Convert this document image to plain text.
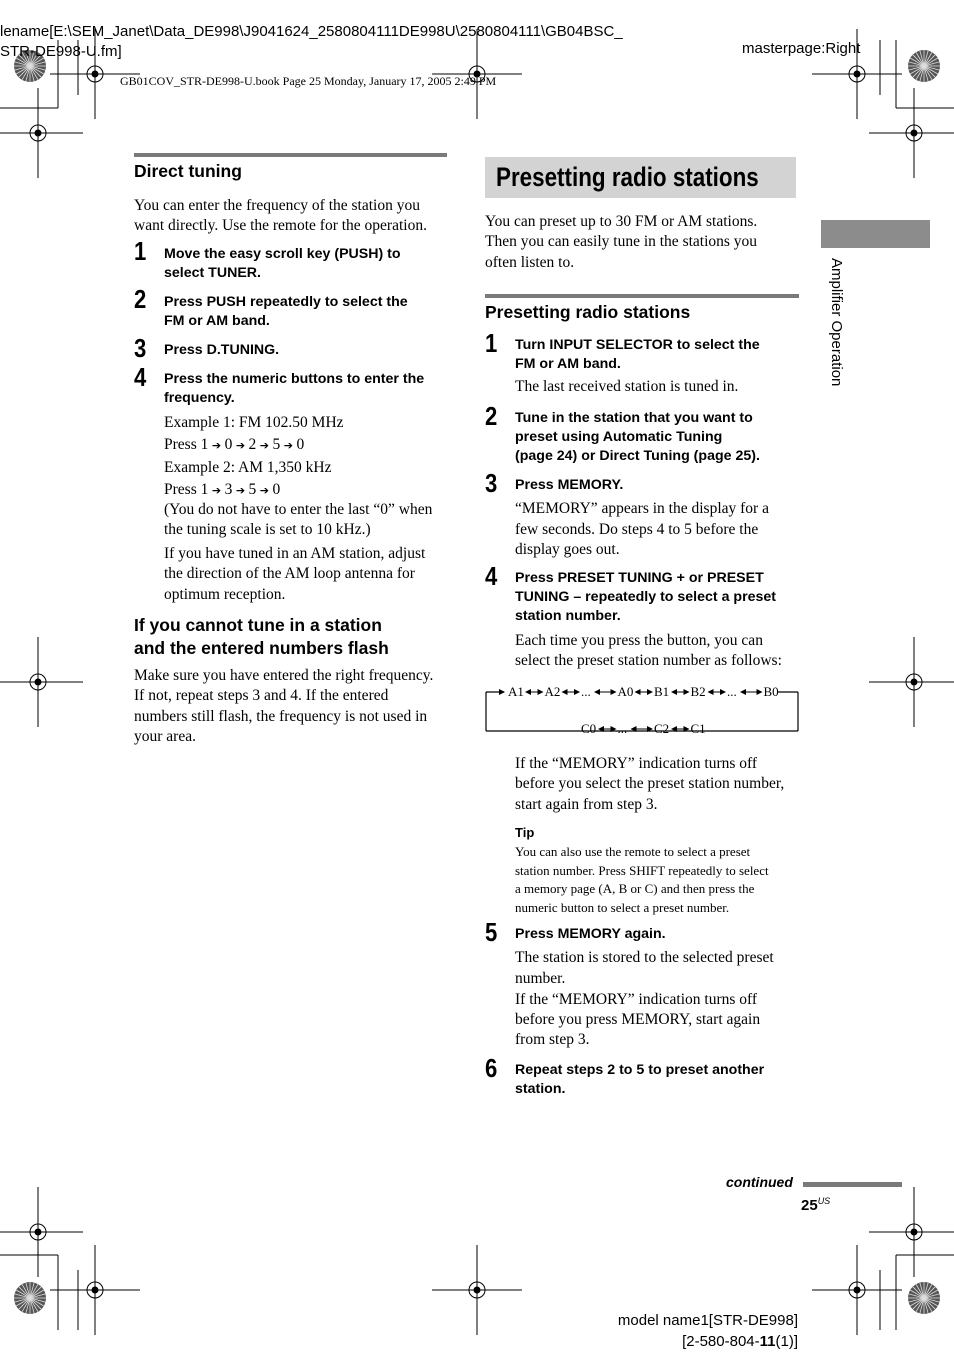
lename[E:\SEM_Janet\Data_DE998\J9041624_2580804111DE998U\2580804111\GB04BSC_
STR-DE998-U.fm]	masterpage:Right
GB01COV_STR-DE998-U.book Page 25 Monday, January 17, 2005 2:49 PM
Amplifier Operation
Direct tuning
You can enter the frequency of the station you
want directly. Use the remote for the operation.
1 Move the easy scroll key (PUSH) to
select TUNER.
2 Press PUSH repeatedly to select the
FM or AM band.
3 Press D.TUNING.
4 Press the numeric buttons to enter the
frequency.
Example 1: FM 102.50 MHz
Press 1 ➔ 0 ➔ 2 ➔ 5 ➔ 0
Example 2: AM 1,350 kHz
Press 1 ➔ 3 ➔ 5 ➔ 0
(You do not have to enter the last “0” when
the tuning scale is set to 10 kHz.)
If you have tuned in an AM station, adjust
the direction of the AM loop antenna for
optimum reception.
If you cannot tune in a station
and the entered numbers flash
Make sure you have entered the right frequency.
If not, repeat steps 3 and 4. If the entered
numbers still flash, the frequency is not used in
your area.
Presetting radio stations
You can preset up to 30 FM or AM stations.
Then you can easily tune in the stations you
often listen to.
Presetting radio stations
1 Turn INPUT SELECTOR to select the
FM or AM band.
The last received station is tuned in.
2 Tune in the station that you want to
preset using Automatic Tuning
(page 24) or Direct Tuning (page 25).
3 Press MEMORY.
“MEMORY” appears in the display for a
few seconds. Do steps 4 to 5 before the
display goes out.
4 Press PRESET TUNING + or PRESET
TUNING – repeatedly to select a preset
station number.
Each time you press the button, you can
select the preset station number as follows:
A1 A2 ... A0 B1 B2 ... B0
C0 ... C2 C1
If the “MEMORY” indication turns off
before you select the preset station number,
start again from step 3.
Tip
You can also use the remote to select a preset
station number. Press SHIFT repeatedly to select
a memory page (A, B or C) and then press the
numeric button to select a preset number.
5 Press MEMORY again.
The station is stored to the selected preset
number.
If the “MEMORY” indication turns off
before you press MEMORY, start again
from step 3.
6 Repeat steps 2 to 5 to preset another
station.
continued
$25^{US}$
model name1[STR-DE998]
[2-580-804-11(1)]
